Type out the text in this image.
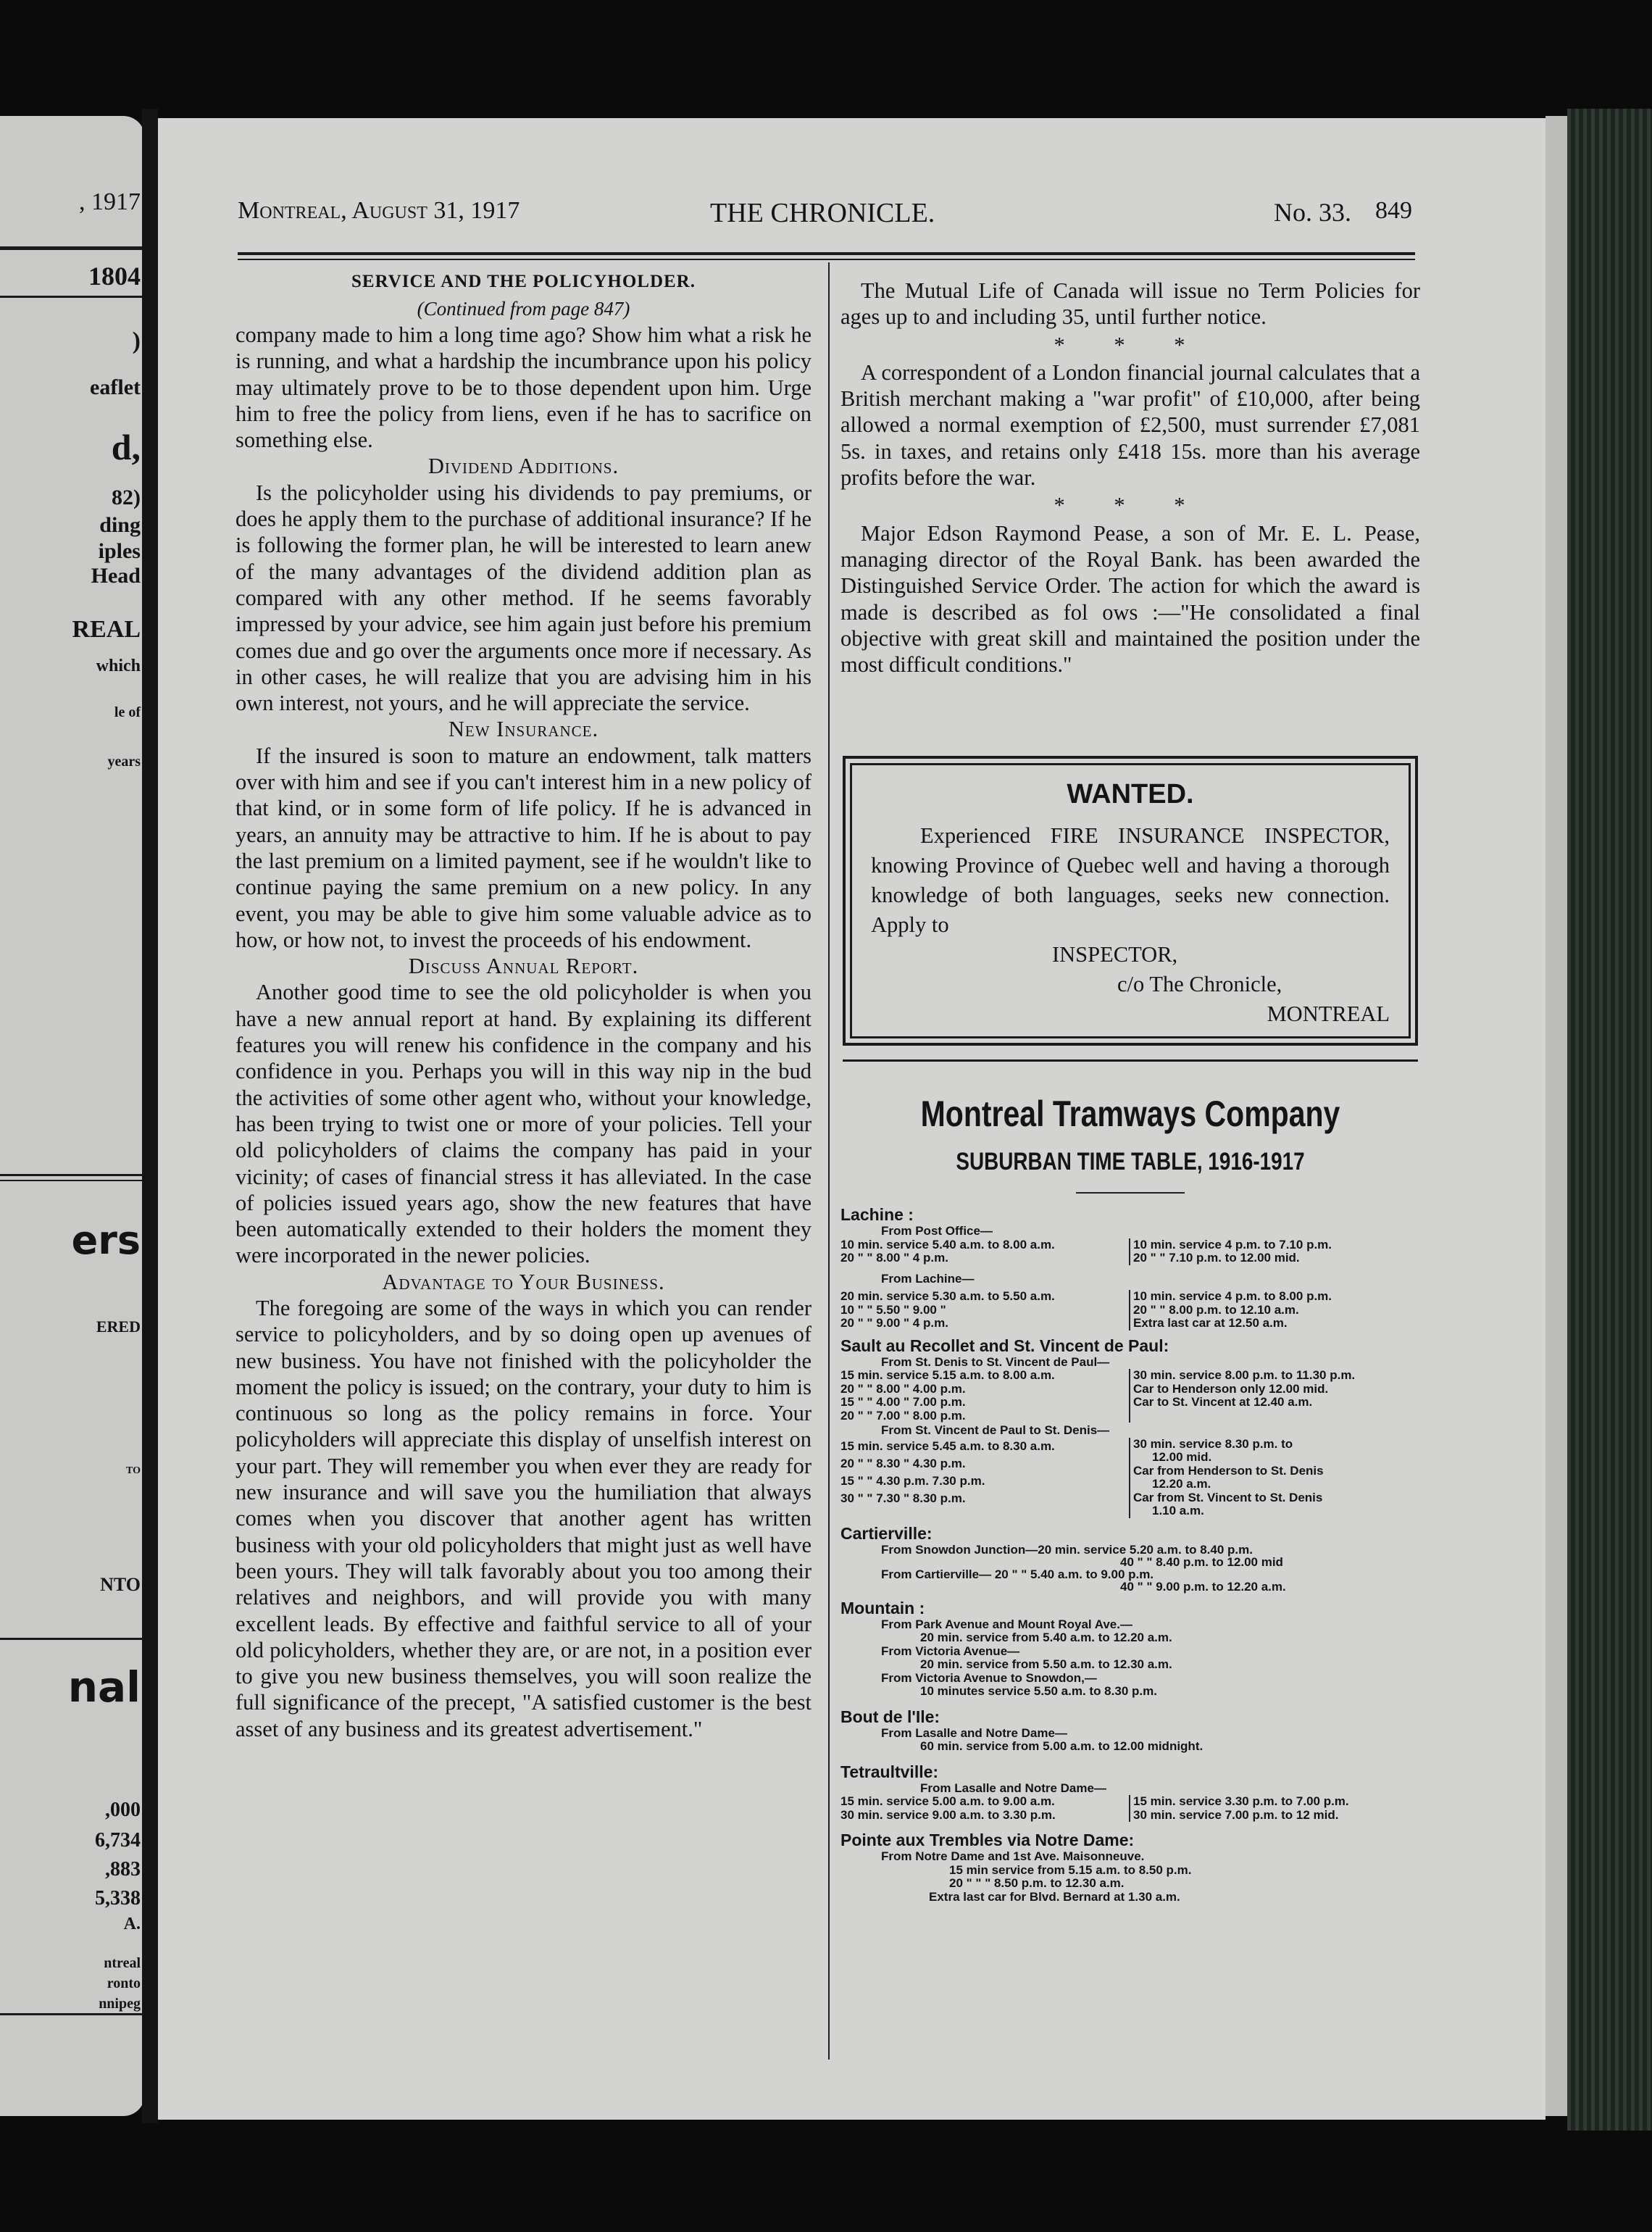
, 1917
1804
)
eaflet
d,
82)
ding
iples
Head
REAL
which
le of
years
ers
ERED
TO
NTO
nal
,000
6,734
,883
5,338
A.
ntreal
ronto
nnipeg
Montreal, August 31, 1917	THE CHRONICLE.	No. 33. 849
SERVICE AND THE POLICYHOLDER.
(Continued from page 847)

company made to him a long time ago? Show him what a risk he is running, and what a hardship the incumbrance upon his policy may ultimately prove to be to those dependent upon him. Urge him to free the policy from liens, even if he has to sacrifice on something else.

Dividend Additions.

Is the policyholder using his dividends to pay premiums, or does he apply them to the purchase of additional insurance? If he is following the former plan, he will be interested to learn anew of the many advantages of the dividend addition plan as compared with any other method. If he seems favorably impressed by your advice, see him again just before his premium comes due and go over the arguments once more if necessary. As in other cases, he will realize that you are advising him in his own interest, not yours, and he will appreciate the service.

New Insurance.

If the insured is soon to mature an endowment, talk matters over with him and see if you can't interest him in a new policy of that kind, or in some form of life policy. If he is advanced in years, an annuity may be attractive to him. If he is about to pay the last premium on a limited payment, see if he wouldn't like to continue paying the same premium on a new policy. In any event, you may be able to give him some valuable advice as to how, or how not, to invest the proceeds of his endowment.

Discuss Annual Report.

Another good time to see the old policyholder is when you have a new annual report at hand. By explaining its different features you will renew his confidence in the company and his confidence in you. Perhaps you will in this way nip in the bud the activities of some other agent who, without your knowledge, has been trying to twist one or more of your policies. Tell your old policyholders of claims the company has paid in your vicinity; of cases of financial stress it has alleviated. In the case of policies issued years ago, show the new features that have been automatically extended to their holders the moment they were incorporated in the newer policies.

Advantage to Your Business.

The foregoing are some of the ways in which you can render service to policyholders, and by so doing open up avenues of new business. You have not finished with the policyholder the moment the policy is issued; on the contrary, your duty to him is continuous so long as the policy remains in force. Your policyholders will appreciate this display of unselfish interest on your part. They will remember you when ever they are ready for new insurance and will save you the humiliation that always comes when you discover that another agent has written business with your old policyholders that might just as well have been yours. They will talk favorably about you too among their relatives and neighbors, and will provide you with many excellent leads. By effective and faithful service to all of your old policyholders, whether they are, or are not, in a position ever to give you new business themselves, you will soon realize the full significance of the precept, "A satisfied customer is the best asset of any business and its greatest advertisement."

The Mutual Life of Canada will issue no Term Policies for ages up to and including 35, until further notice.

* * *

A correspondent of a London financial journal calculates that a British merchant making a "war profit" of £10,000, after being allowed a normal exemption of £2,500, must surrender £7,081 5s. in taxes, and retains only £418 15s. more than his average profits before the war.

* * *

Major Edson Raymond Pease, a son of Mr. E. L. Pease, managing director of the Royal Bank. has been awarded the Distinguished Service Order. The action for which the award is made is described as fol ows :—"He consolidated a final objective with great skill and maintained the position under the most difficult conditions."

WANTED.
Experienced FIRE INSURANCE INSPECTOR, knowing Province of Quebec well and having a thorough knowledge of both languages, seeks new connection. Apply to
INSPECTOR,
c/o The Chronicle,
MONTREAL
Montreal Tramways Company
SUBURBAN TIME TABLE, 1916-1917
Lachine :
From Post Office—
10 min. service 5.40 a.m. to 8.00 a.m.
20 " " 8.00 " 4 p.m.
10 min. service 4 p.m. to 7.10 p.m.
20 " " 7.10 p.m. to 12.00 mid.
From Lachine—
20 min. service 5.30 a.m. to 5.50 a.m.
10 " " 5.50 " 9.00 "
20 " " 9.00 " 4 p.m.
10 min. service 4 p.m. to 8.00 p.m.
20 " " 8.00 p.m. to 12.10 a.m.
Extra last car at 12.50 a.m.
Sault au Recollet and St. Vincent de Paul:
From St. Denis to St. Vincent de Paul—
15 min. service 5.15 a.m. to 8.00 a.m.
20 " " 8.00 " 4.00 p.m.
15 " " 4.00 " 7.00 p.m.
20 " " 7.00 " 8.00 p.m.
30 min. service 8.00 p.m. to 11.30 p.m.
Car to Henderson only 12.00 mid.
Car to St. Vincent at 12.40 a.m.
From St. Vincent de Paul to St. Denis—
15 min. service 5.45 a.m. to 8.30 a.m.
20 " " 8.30 " 4.30 p.m.
15 " " 4.30 p.m. 7.30 p.m.
30 " " 7.30 " 8.30 p.m.
30 min. service 8.30 p.m. to
12.00 mid.
Car from Henderson to St. Denis
12.20 a.m.
Car from St. Vincent to St. Denis
1.10 a.m.
Cartierville:
From Snowdon Junction—20 min. service 5.20 a.m. to 8.40 p.m.
40 " " 8.40 p.m. to 12.00 mid
From Cartierville— 20 " " 5.40 a.m. to 9.00 p.m.
40 " " 9.00 p.m. to 12.20 a.m.
Mountain :
From Park Avenue and Mount Royal Ave.—
20 min. service from 5.40 a.m. to 12.20 a.m.
From Victoria Avenue—
20 min. service from 5.50 a.m. to 12.30 a.m.
From Victoria Avenue to Snowdon,—
10 minutes service 5.50 a.m. to 8.30 p.m.
Bout de l'Ile:
From Lasalle and Notre Dame—
60 min. service from 5.00 a.m. to 12.00 midnight.
Tetraultville:
From Lasalle and Notre Dame—
15 min. service 5.00 a.m. to 9.00 a.m.
30 min. service 9.00 a.m. to 3.30 p.m.
15 min. service 3.30 p.m. to 7.00 p.m.
30 min. service 7.00 p.m. to 12 mid.
Pointe aux Trembles via Notre Dame:
From Notre Dame and 1st Ave. Maisonneuve.
15 min service from 5.15 a.m. to 8.50 p.m.
20 " " " 8.50 p.m. to 12.30 a.m.
Extra last car for Blvd. Bernard at 1.30 a.m.
